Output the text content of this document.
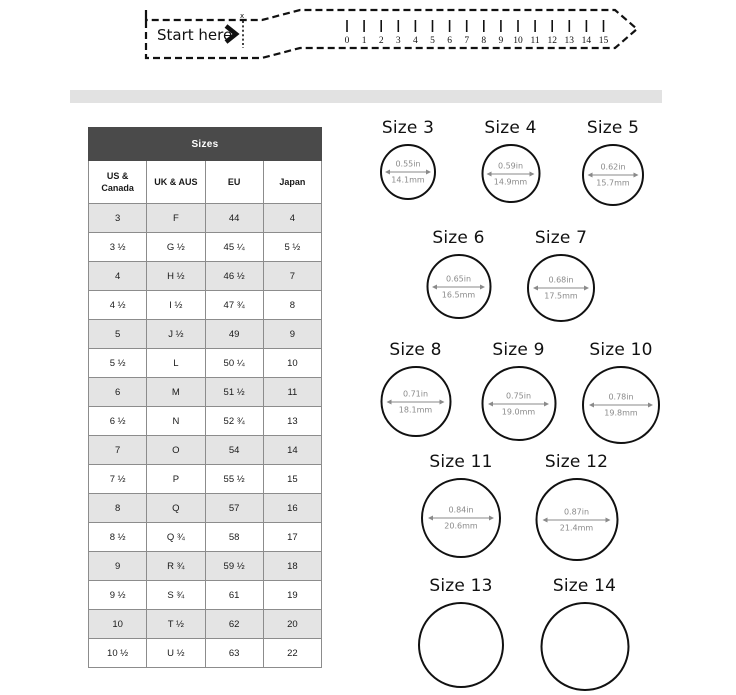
Start here
x
0 1 2 3 4 5 6 7 8 9 10 11 12 13 14 15
Sizes			
US & Canada	UK & AUS	EU	Japan
3	F	44	4
3 ½	G ½	45 ¼	5 ½
4	H ½	46 ½	7
4 ½	I ½	47 ¾	8
5	J ½	49	9
5 ½	L	50 ¼	10
6	M	51 ½	11
6 ½	N	52 ¾	13
7	O	54	14
7 ½	P	55 ½	15
8	Q	57	16
8 ½	Q ¾	58	17
9	R ¾	59 ½	18
9 ½	S ¾	61	19
10	T ½	62	20
10 ½	U ½	63	22
Size 3
0.55in
14.1mm
Size 4
0.59in
14.9mm
Size 5
0.62in
15.7mm
Size 6
0.65in
16.5mm
Size 7
0.68in
17.5mm
Size 8
0.71in
18.1mm
Size 9
0.75in
19.0mm
Size 10
0.78in
19.8mm
Size 11
0.84in
20.6mm
Size 12
0.87in
21.4mm
Size 13	Size 14
